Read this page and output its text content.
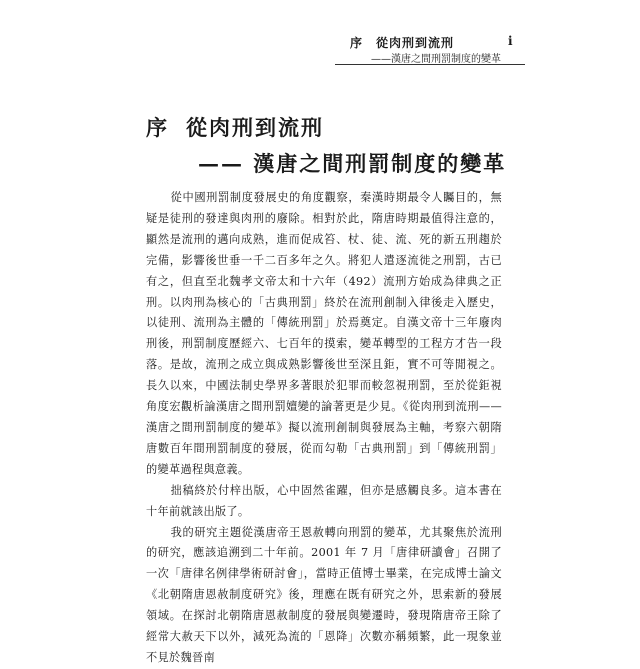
序　從肉刑到流刑	i
——漢唐之間刑罰制度的變革
序 從肉刑到流刑
—— 漢唐之間刑罰制度的變革

從中國刑罰制度發展史的角度觀察，秦漢時期最令人矚目的，無疑是徒刑的發達與肉刑的廢除。相對於此，隋唐時期最值得注意的，顯然是流刑的邁向成熟，進而促成笞、杖、徒、流、死的新五刑趨於完備，影響後世垂一千二百多年之久。將犯人遣逐流徙之刑罰，古已有之，但直至北魏孝文帝太和十六年（492）流刑方始成為律典之正刑。以肉刑為核心的「古典刑罰」終於在流刑創制入律後走入歷史，以徒刑、流刑為主體的「傳統刑罰」於焉奠定。自漢文帝十三年廢肉刑後，刑罰制度歷經六、七百年的摸索，變革轉型的工程方才告一段落。是故，流刑之成立與成熟影響後世至深且鉅，實不可等閒視之。長久以來，中國法制史學界多著眼於犯罪而較忽視刑罰，至於從鉅視角度宏觀析論漢唐之間刑罰嬗變的論著更是少見。《從肉刑到流刑——漢唐之間刑罰制度的變革》擬以流刑創制與發展為主軸，考察六朝隋唐數百年間刑罰制度的發展，從而勾勒「古典刑罰」到「傳統刑罰」的變革過程與意義。

拙稿終於付梓出版，心中固然雀躍，但亦是感觸良多。這本書在十年前就該出版了。

我的研究主題從漢唐帝王恩赦轉向刑罰的變革，尤其聚焦於流刑的研究，應該追溯到二十年前。2001 年 7 月「唐律研讀會」召開了一次「唐律名例律學術研討會」，當時正值博士畢業，在完成博士論文《北朝隋唐恩赦制度研究》後，理應在既有研究之外，思索新的發展領域。在探討北朝隋唐恩赦制度的發展與變遷時，發現隋唐帝王除了經常大赦天下以外，減死為流的「恩降」次數亦稱頻繁，此一現象並不見於魏晉南
